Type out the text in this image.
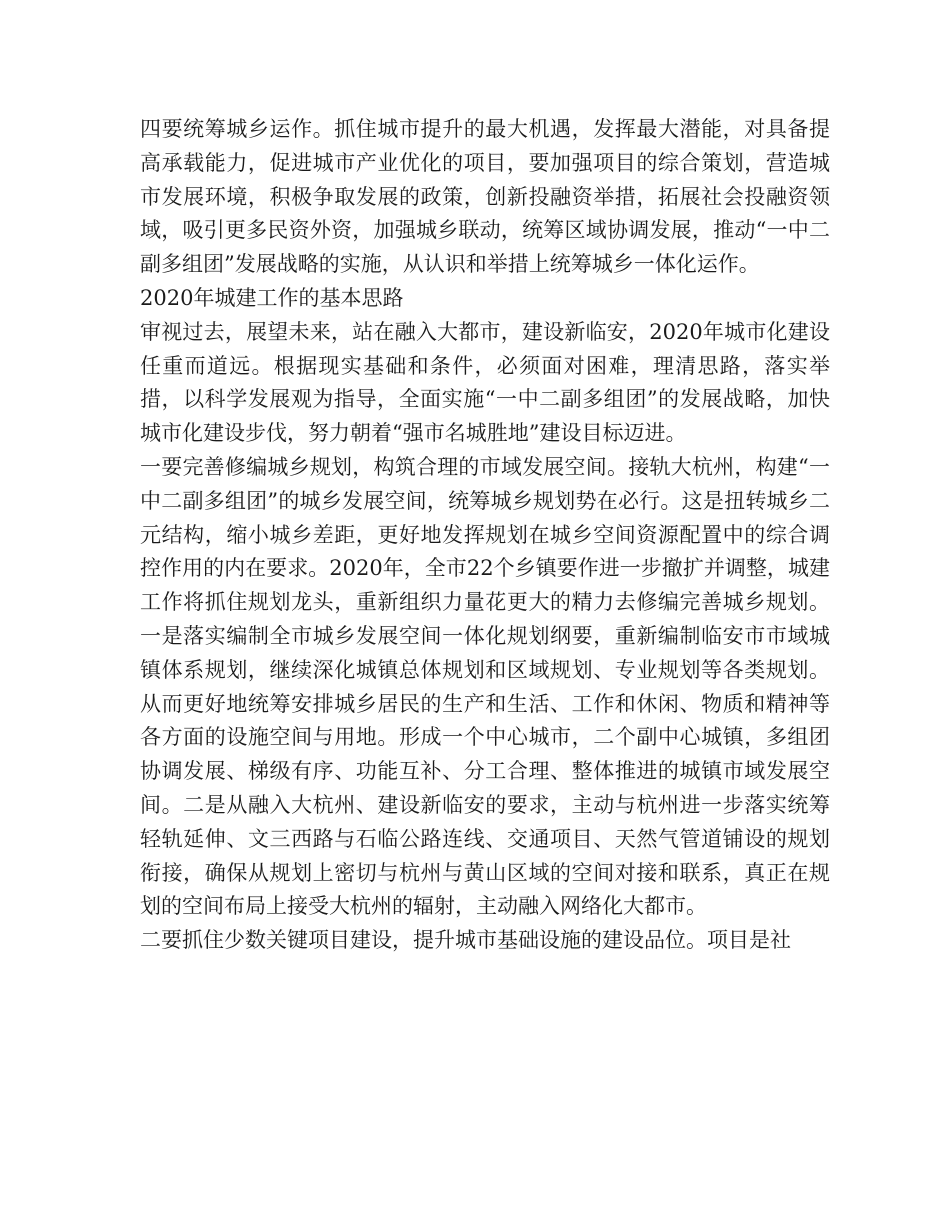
四要统筹城乡运作。抓住城市提升的最大机遇，发挥最大潜能，对具备提高承载能力，促进城市产业优化的项目，要加强项目的综合策划，营造城市发展环境，积极争取发展的政策，创新投融资举措，拓展社会投融资领域，吸引更多民资外资，加强城乡联动，统筹区域协调发展，推动“一中二副多组团”发展战略的实施，从认识和举措上统筹城乡一体化运作。

2020年城建工作的基本思路

审视过去，展望未来，站在融入大都市，建设新临安，2020年城市化建设任重而道远。根据现实基础和条件，必须面对困难，理清思路，落实举措，以科学发展观为指导，全面实施“一中二副多组团”的发展战略，加快城市化建设步伐，努力朝着“强市名城胜地”建设目标迈进。

一要完善修编城乡规划，构筑合理的市域发展空间。接轨大杭州，构建“一中二副多组团”的城乡发展空间，统筹城乡规划势在必行。这是扭转城乡二元结构，缩小城乡差距，更好地发挥规划在城乡空间资源配置中的综合调控作用的内在要求。2020年，全市22个乡镇要作进一步撤扩并调整，城建工作将抓住规划龙头，重新组织力量花更大的精力去修编完善城乡规划。一是落实编制全市城乡发展空间一体化规划纲要，重新编制临安市市域城镇体系规划，继续深化城镇总体规划和区域规划、专业规划等各类规划。从而更好地统筹安排城乡居民的生产和生活、工作和休闲、物质和精神等各方面的设施空间与用地。形成一个中心城市，二个副中心城镇，多组团协调发展、梯级有序、功能互补、分工合理、整体推进的城镇市域发展空间。二是从融入大杭州、建设新临安的要求，主动与杭州进一步落实统筹轻轨延伸、文三西路与石临公路连线、交通项目、天然气管道铺设的规划衔接，确保从规划上密切与杭州与黄山区域的空间对接和联系，真正在规划的空间布局上接受大杭州的辐射，主动融入网络化大都市。

二要抓住少数关键项目建设，提升城市基础设施的建设品位。项目是社
